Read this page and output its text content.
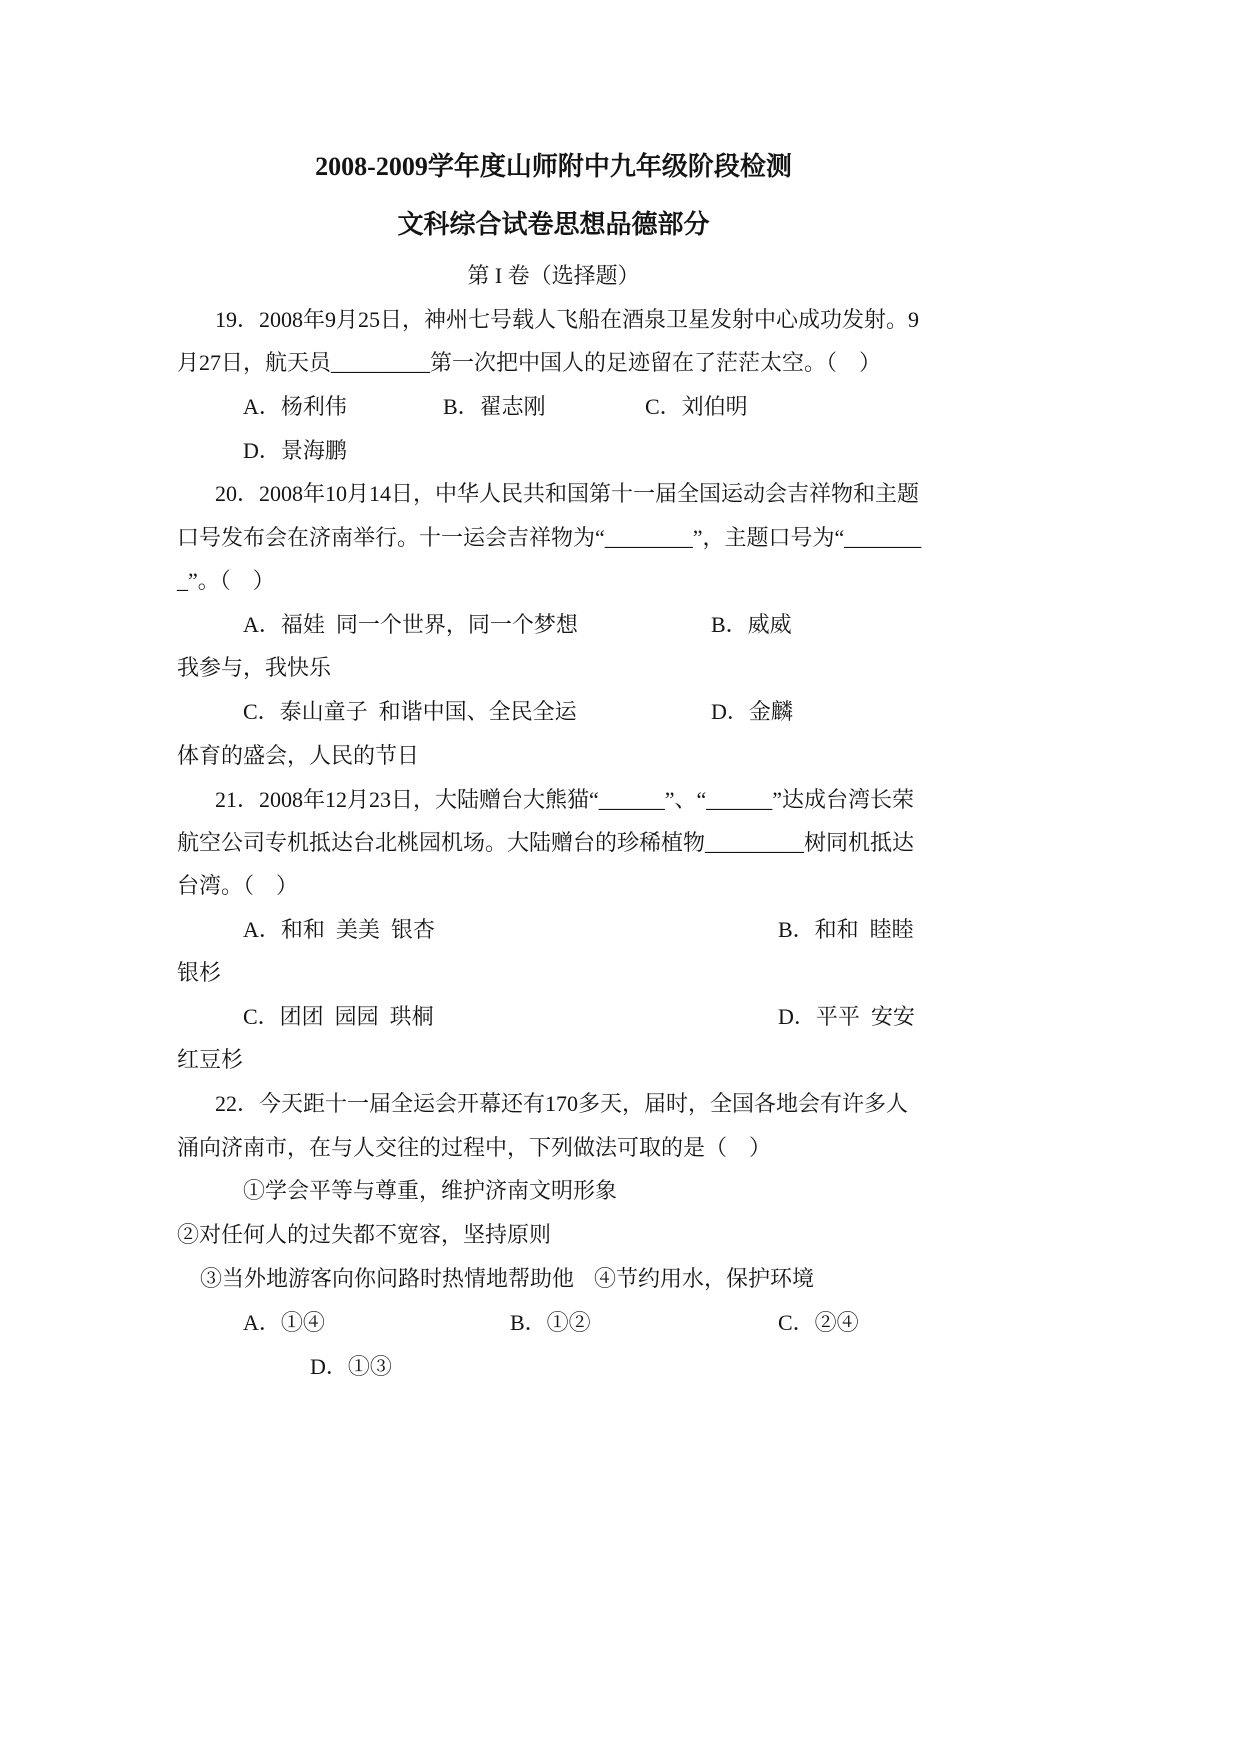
2008-2009学年度山师附中九年级阶段检测
文科综合试卷思想品德部分
第 I 卷（选择题）
19．2008年9月25日，神州七号载人飞船在酒泉卫星发射中心成功发射。9
月27日，航天员_________第一次把中国人的足迹留在了茫茫太空。（    ）
A．杨利伟	B．翟志刚	C．刘伯明
D．景海鹏
20．2008年10月14日，中华人民共和国第十一届全国运动会吉祥物和主题
口号发布会在济南举行。十一运会吉祥物为“________”，主题口号为“_______
_”。（    ）
A．福娃  同一个世界，同一个梦想	B．威威
我参与，我快乐
C．泰山童子  和谐中国、全民全运	D．金麟
体育的盛会，人民的节日
21．2008年12月23日，大陆赠台大熊猫“______”、“______”达成台湾长荣
航空公司专机抵达台北桃园机场。大陆赠台的珍稀植物_________树同机抵达
台湾。（    ）
A．和和  美美  银杏	B．和和  睦睦
银杉
C．团团  园园  珙桐	D．平平  安安
红豆杉
22．今天距十一届全运会开幕还有170多天，届时，全国各地会有许多人
涌向济南市，在与人交往的过程中，下列做法可取的是（    ）
①学会平等与尊重，维护济南文明形象
②对任何人的过失都不宽容，坚持原则
③当外地游客向你问路时热情地帮助他 ④节约用水，保护环境
A．①④	B．①②	C．②④
D．①③
